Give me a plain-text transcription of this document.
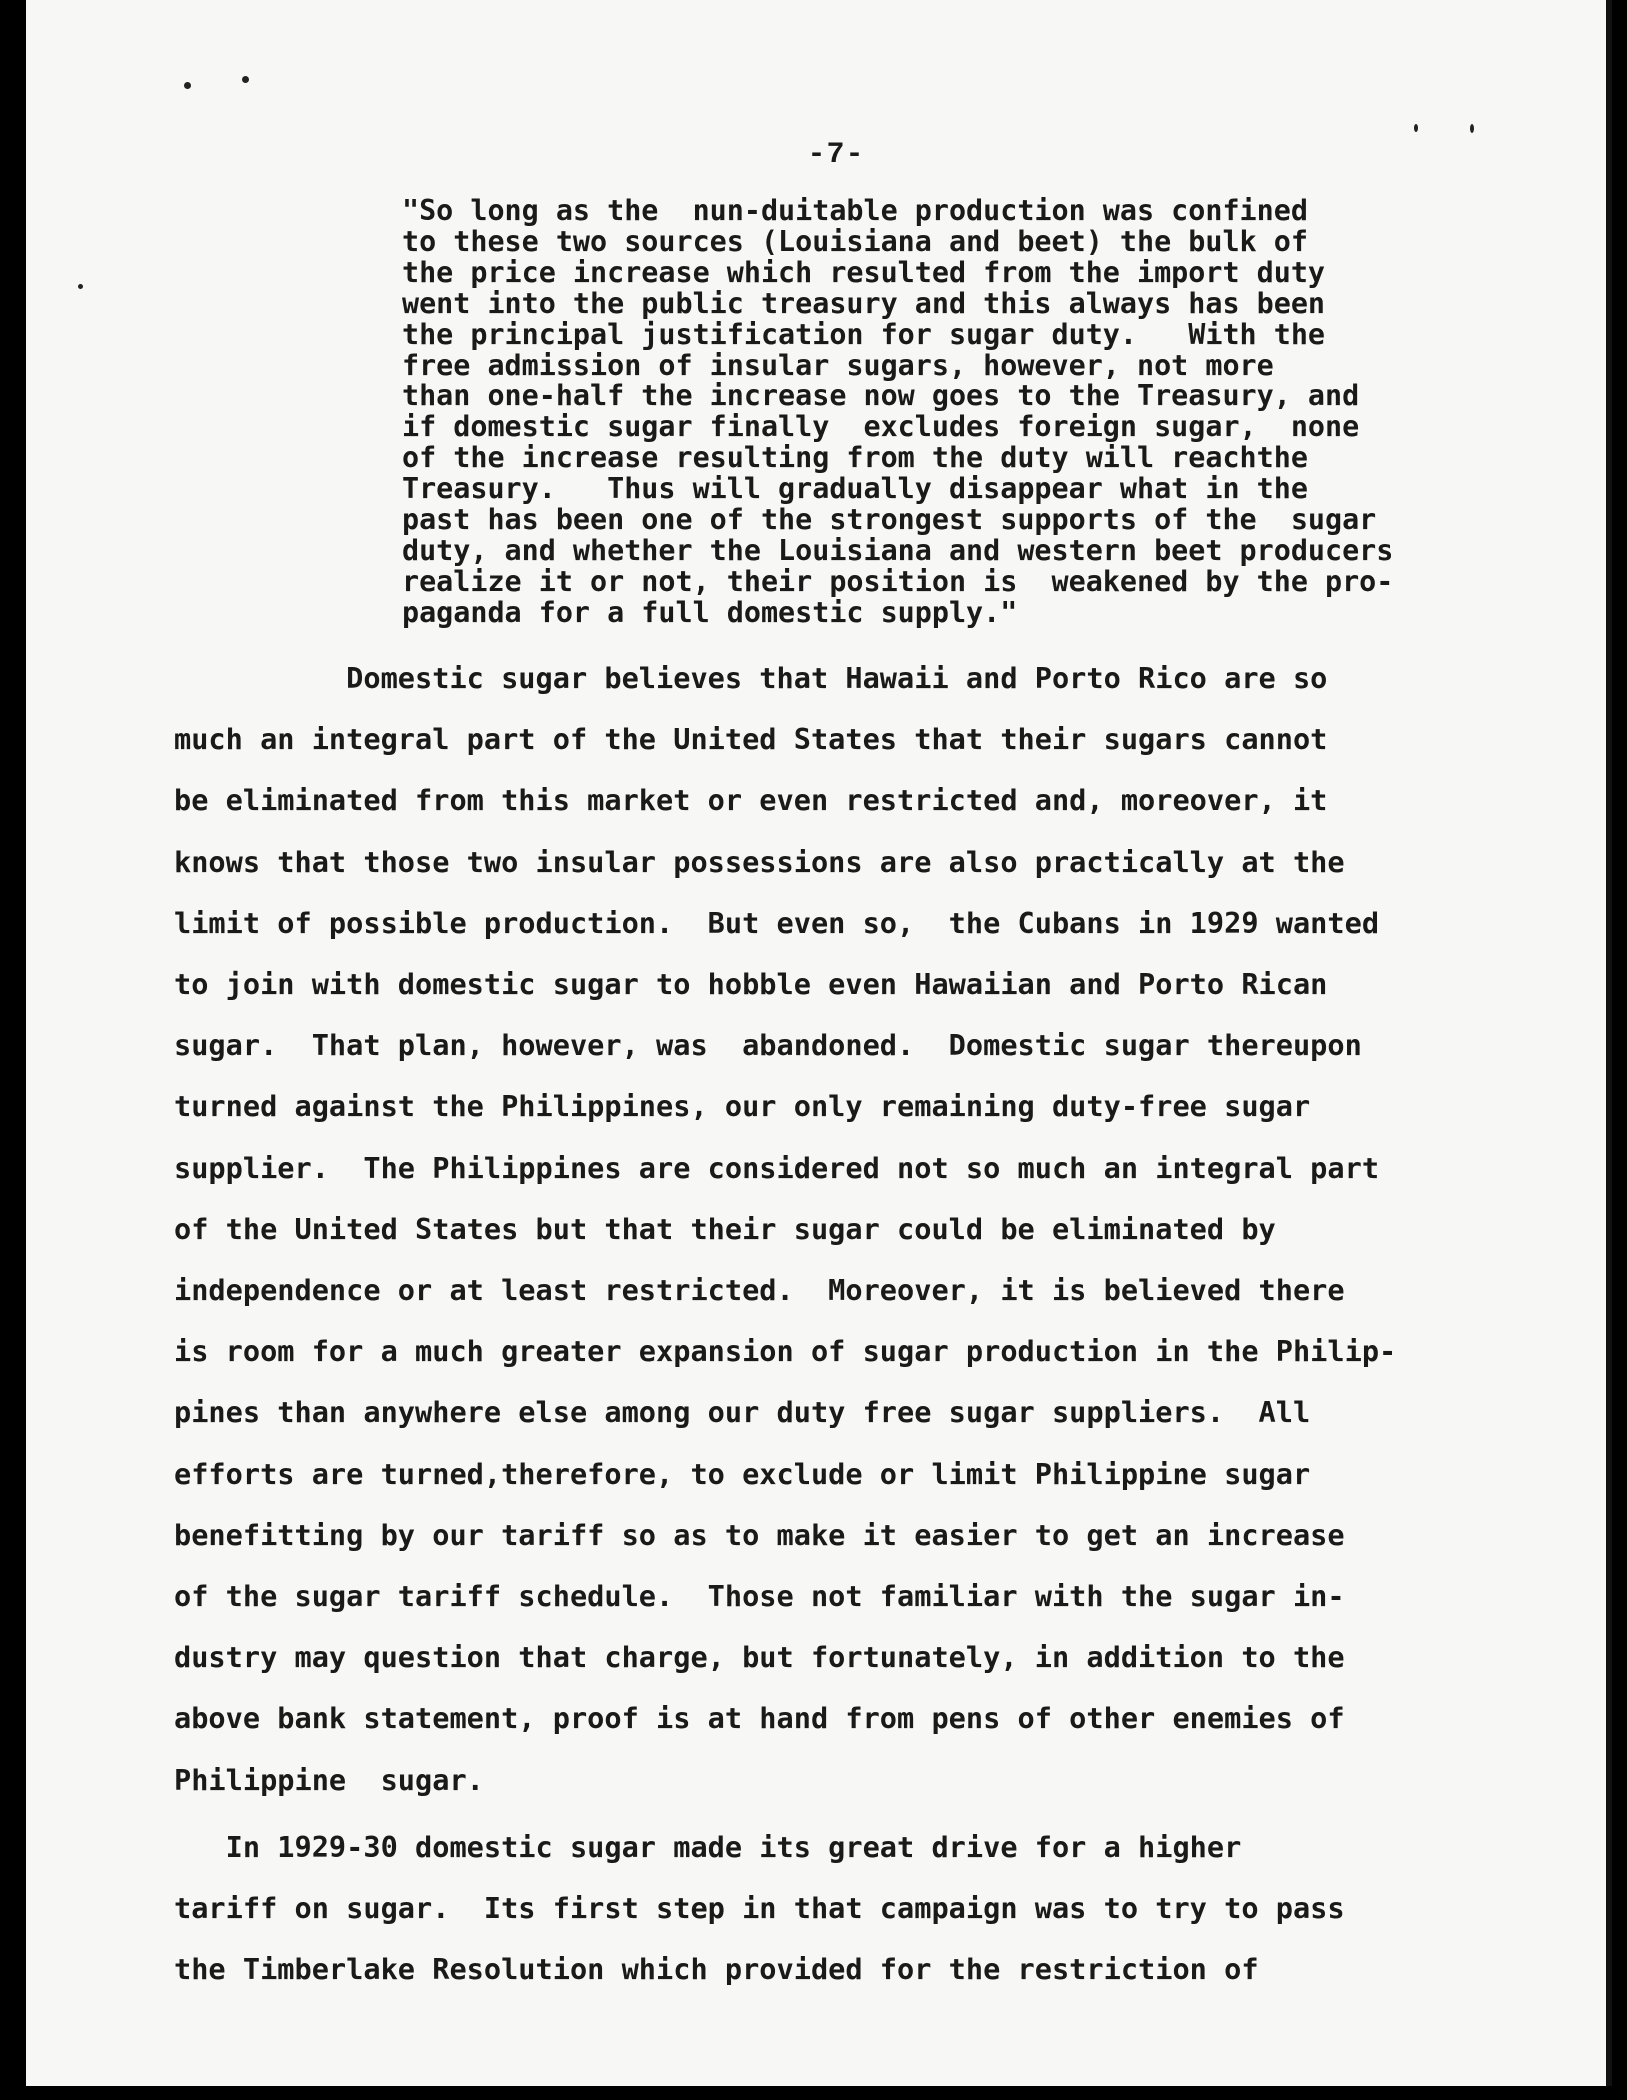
-7-
"So long as the  nun-duitable production was confined
to these two sources (Louisiana and beet) the bulk of
the price increase which resulted from the import duty
went into the public treasury and this always has been
the principal justification for sugar duty.   With the
free admission of insular sugars, however, not more
than one-half the increase now goes to the Treasury, and
if domestic sugar finally  excludes foreign sugar,  none
of the increase resulting from the duty will reachthe
Treasury.   Thus will gradually disappear what in the
past has been one of the strongest supports of the  sugar
duty, and whether the Louisiana and western beet producers
realize it or not, their position is  weakened by the pro-
paganda for a full domestic supply."

Domestic sugar believes that Hawaii and Porto Rico are so
much an integral part of the United States that their sugars cannot
be eliminated from this market or even restricted and, moreover, it
knows that those two insular possessions are also practically at the
limit of possible production.  But even so,  the Cubans in 1929 wanted
to join with domestic sugar to hobble even Hawaiian and Porto Rican
sugar.  That plan, however, was  abandoned.  Domestic sugar thereupon
turned against the Philippines, our only remaining duty-free sugar
supplier.  The Philippines are considered not so much an integral part
of the United States but that their sugar could be eliminated by
independence or at least restricted.  Moreover, it is believed there
is room for a much greater expansion of sugar production in the Philip-
pines than anywhere else among our duty free sugar suppliers.  All
efforts are turned,therefore, to exclude or limit Philippine sugar
benefitting by our tariff so as to make it easier to get an increase
of the sugar tariff schedule.  Those not familiar with the sugar in-
dustry may question that charge, but fortunately, in addition to the
above bank statement, proof is at hand from pens of other enemies of
Philippine  sugar.

In 1929-30 domestic sugar made its great drive for a higher
tariff on sugar.  Its first step in that campaign was to try to pass
the Timberlake Resolution which provided for the restriction of
